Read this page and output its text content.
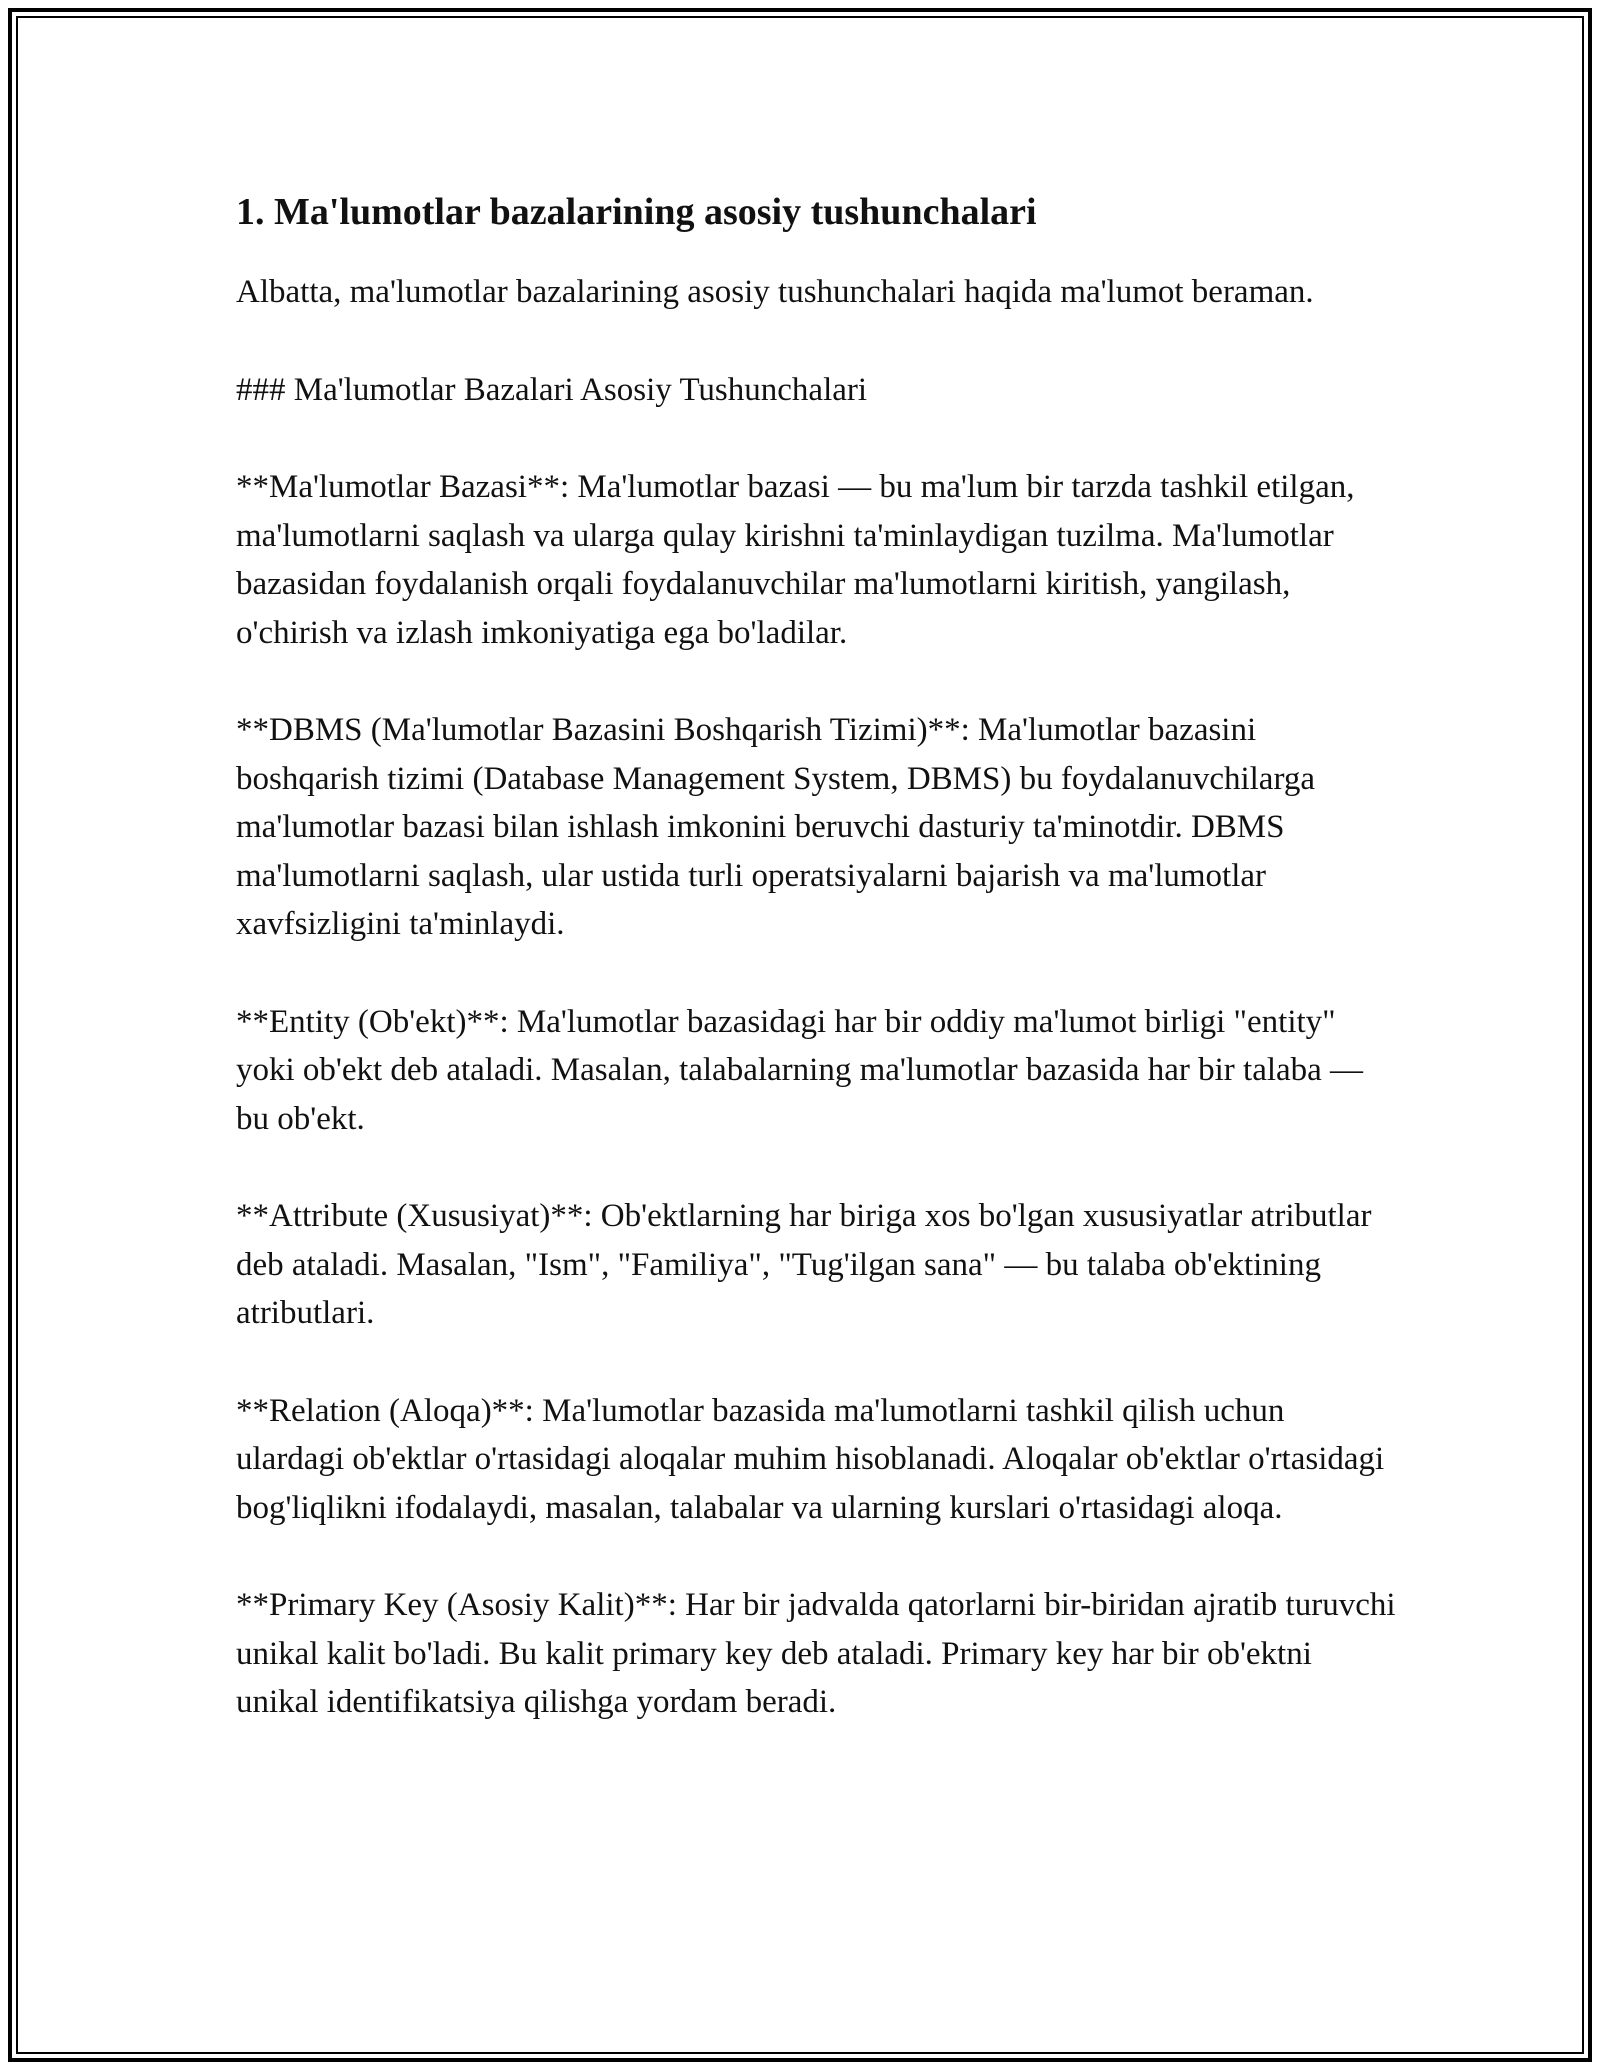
1. Ma'lumotlar bazalarining asosiy tushunchalari

Albatta, ma'lumotlar bazalarining asosiy tushunchalari haqida ma'lumot beraman.

### Ma'lumotlar Bazalari Asosiy Tushunchalari

**Ma'lumotlar Bazasi**: Ma'lumotlar bazasi — bu ma'lum bir tarzda tashkil etilgan, ma'lumotlarni saqlash va ularga qulay kirishni ta'minlaydigan tuzilma. Ma'lumotlar bazasidan foydalanish orqali foydalanuvchilar ma'lumotlarni kiritish, yangilash, o'chirish va izlash imkoniyatiga ega bo'ladilar.

**DBMS (Ma'lumotlar Bazasini Boshqarish Tizimi)**: Ma'lumotlar bazasini boshqarish tizimi (Database Management System, DBMS) bu foydalanuvchilarga ma'lumotlar bazasi bilan ishlash imkonini beruvchi dasturiy ta'minotdir. DBMS ma'lumotlarni saqlash, ular ustida turli operatsiyalarni bajarish va ma'lumotlar xavfsizligini ta'minlaydi.

**Entity (Ob'ekt)**: Ma'lumotlar bazasidagi har bir oddiy ma'lumot birligi "entity" yoki ob'ekt deb ataladi. Masalan, talabalarning ma'lumotlar bazasida har bir talaba — bu ob'ekt.

**Attribute (Xususiyat)**: Ob'ektlarning har biriga xos bo'lgan xususiyatlar atributlar deb ataladi. Masalan, "Ism", "Familiya", "Tug'ilgan sana" — bu talaba ob'ektining atributlari.

**Relation (Aloqa)**: Ma'lumotlar bazasida ma'lumotlarni tashkil qilish uchun ulardagi ob'ektlar o'rtasidagi aloqalar muhim hisoblanadi. Aloqalar ob'ektlar o'rtasidagi bog'liqlikni ifodalaydi, masalan, talabalar va ularning kurslari o'rtasidagi aloqa.

**Primary Key (Asosiy Kalit)**: Har bir jadvalda qatorlarni bir-biridan ajratib turuvchi unikal kalit bo'ladi. Bu kalit primary key deb ataladi. Primary key har bir ob'ektni unikal identifikatsiya qilishga yordam beradi.
